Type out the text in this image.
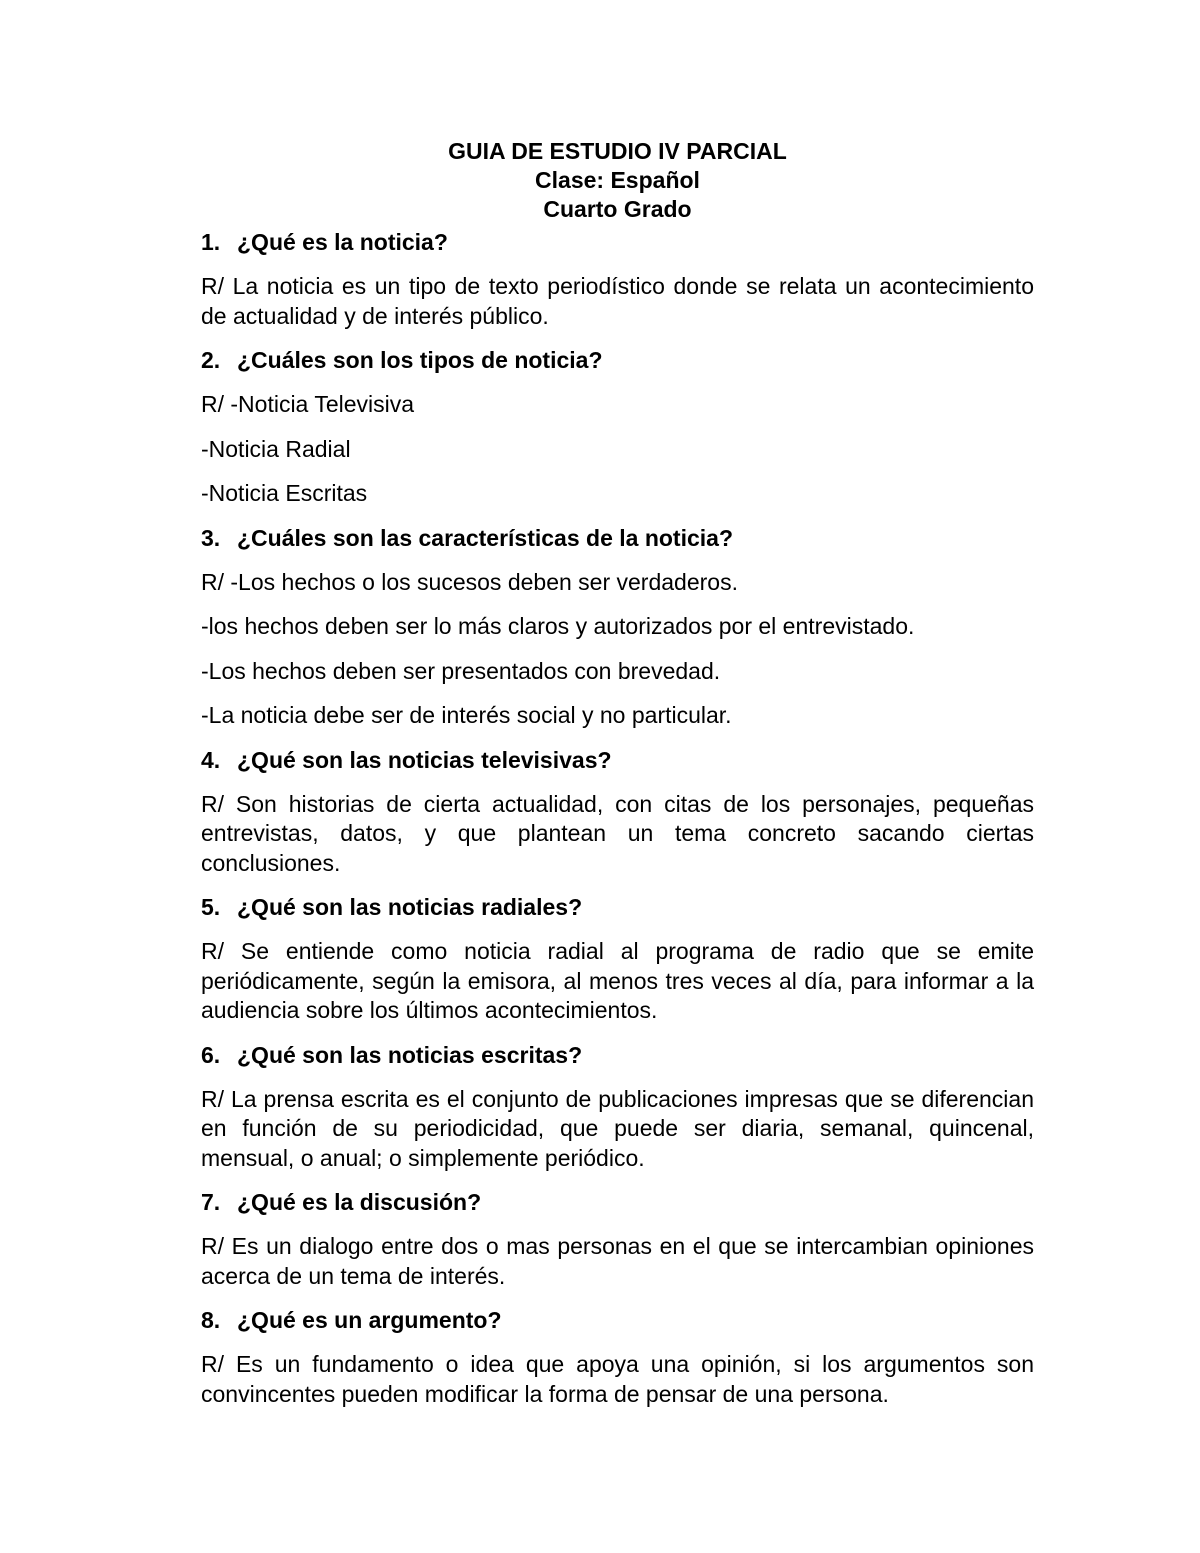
GUIA DE ESTUDIO IV PARCIAL
Clase: Español
Cuarto Grado
1. ¿Qué es la noticia?

R/ La noticia es un tipo de texto periodístico donde se relata un acontecimiento de actualidad y de interés público.

2. ¿Cuáles son los tipos de noticia?

R/ -Noticia Televisiva

-Noticia Radial

-Noticia Escritas

3. ¿Cuáles son las características de la noticia?

R/ -Los hechos o los sucesos deben ser verdaderos.

-los hechos deben ser lo más claros y autorizados por el entrevistado.

-Los hechos deben ser presentados con brevedad.

-La noticia debe ser de interés social y no particular.

4. ¿Qué son las noticias televisivas?

R/ Son historias de cierta actualidad, con citas de los personajes, pequeñas entrevistas, datos, y que plantean un tema concreto sacando ciertas conclusiones.

5. ¿Qué son las noticias radiales?

R/ Se entiende como noticia radial al programa de radio que se emite periódicamente, según la emisora, al menos tres veces al día, para informar a la audiencia sobre los últimos acontecimientos.

6. ¿Qué son las noticias escritas?

R/ La prensa escrita es el conjunto de publicaciones impresas que se diferencian en función de su periodicidad, que puede ser diaria, semanal, quincenal, mensual, o anual; o simplemente periódico.

7. ¿Qué es la discusión?

R/ Es un dialogo entre dos o mas personas en el que se intercambian opiniones acerca de un tema de interés.

8. ¿Qué es un argumento?

R/ Es un fundamento o idea que apoya una opinión, si los argumentos son convincentes pueden modificar la forma de pensar de una persona.
